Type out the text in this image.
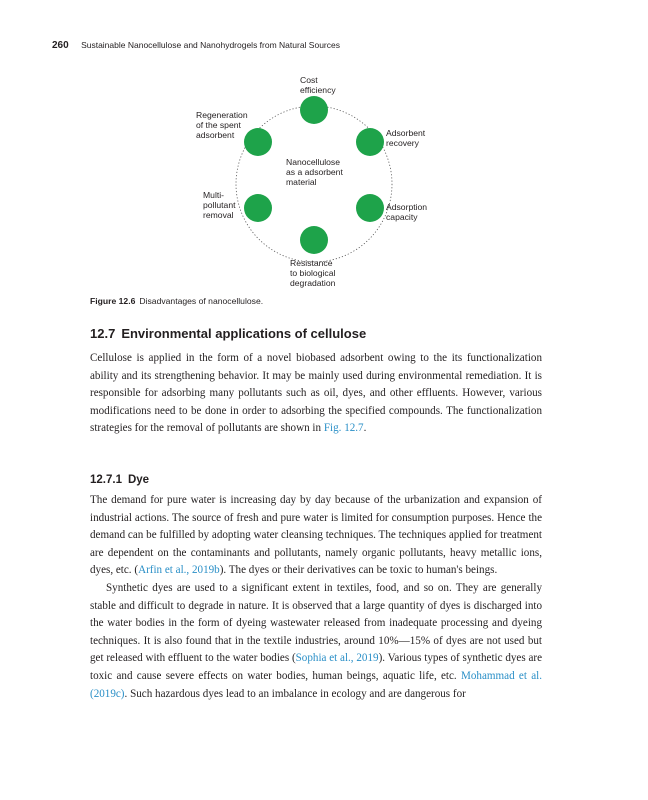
260 Sustainable Nanocellulose and Nanohydrogels from Natural Sources
Cost
efficiency
Adsorbent
recovery
Adsorption
capacity
Resistance
to biological
degradation
Multi-
pollutant
removal
Regeneration
of the spent
adsorbent
Nanocellulose
as a adsorbent
material
Figure 12.6 Disadvantages of nanocellulose.
12.7 Environmental applications of cellulose
Cellulose is applied in the form of a novel biobased adsorbent owing to the its functionalization ability and its strengthening behavior. It may be mainly used during environmental remediation. It is responsible for adsorbing many pollutants such as oil, dyes, and other effluents. However, various modifications need to be done in order to adsorbing the specified compounds. The functionalization strategies for the removal of pollutants are shown in Fig. 12.7.
12.7.1 Dye
The demand for pure water is increasing day by day because of the urbanization and expansion of industrial actions. The source of fresh and pure water is limited for consumption purposes. Hence the demand can be fulfilled by adopting water cleansing techniques. The techniques applied for treatment are dependent on the contaminants and pollutants, namely organic pollutants, heavy metallic ions, dyes, etc. (Arfin et al., 2019b). The dyes or their derivatives can be toxic to human's beings.
Synthetic dyes are used to a significant extent in textiles, food, and so on. They are generally stable and difficult to degrade in nature. It is observed that a large quantity of dyes is discharged into the water bodies in the form of dyeing wastewater released from inadequate processing and dyeing techniques. It is also found that in the textile industries, around 10%—15% of dyes are not used but get released with effluent to the water bodies (Sophia et al., 2019). Various types of synthetic dyes are toxic and cause severe effects on water bodies, human beings, aquatic life, etc. Mohammad et al. (2019c). Such hazardous dyes lead to an imbalance in ecology and are dangerous for
